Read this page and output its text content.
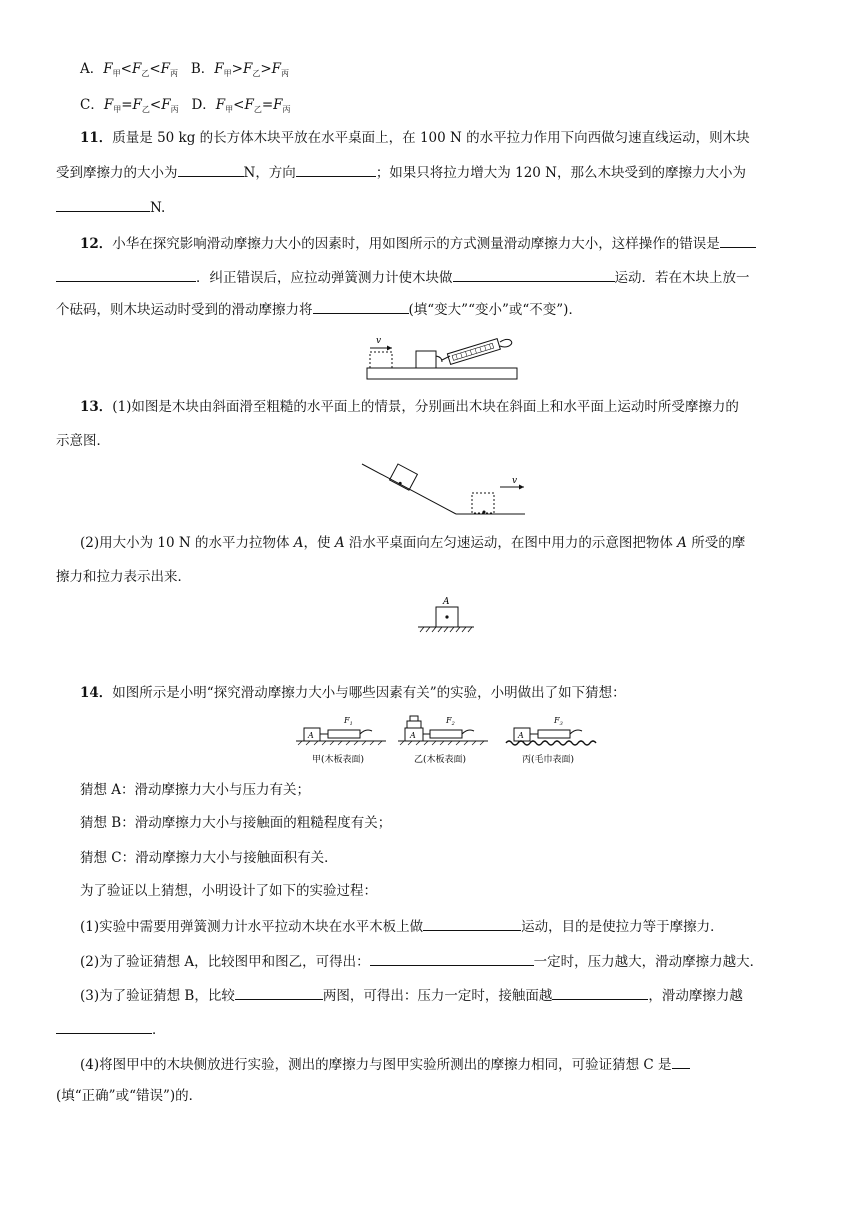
A．$F_甲<F_乙<F_丙$ B．$F_甲>F_乙>F_丙$
C．$F_甲=F_乙<F_丙$ D．$F_甲<F_乙=F_丙$
11．质量是 50 kg 的长方体木块平放在水平桌面上，在 100 N 的水平拉力作用下向西做匀速直线运动，则木块
受到摩擦力的大小为	N，方向	；如果只将拉力增大为 120 N，那么木块受到的摩擦力大小为
N.
12．小华在探究影响滑动摩擦力大小的因素时，用如图所示的方式测量滑动摩擦力大小，这样操作的错误是
．纠正错误后，应拉动弹簧测力计使木块做	运动．若在木块上放一
个砝码，则木块运动时受到的滑动摩擦力将	(填“变大”“变小”或“不变”)．
v
13．(1)如图是木块由斜面滑至粗糙的水平面上的情景，分别画出木块在斜面上和水平面上运动时所受摩擦力的
示意图．
v
(2)用大小为 10 N 的水平力拉物体 A，使 A 沿水平桌面向左匀速运动，在图中用力的示意图把物体 A 所受的摩
擦力和拉力表示出来．
A
14．如图所示是小明“探究滑动摩擦力大小与哪些因素有关”的实验，小明做出了如下猜想：
A
$F_1$
甲(木板表面)
A
$F_2$
乙(木板表面)
A
$F_3$
丙(毛巾表面)
猜想 A：滑动摩擦力大小与压力有关；
猜想 B：滑动摩擦力大小与接触面的粗糙程度有关；
猜想 C：滑动摩擦力大小与接触面积有关．
为了验证以上猜想，小明设计了如下的实验过程：
(1)实验中需要用弹簧测力计水平拉动木块在水平木板上做	运动，目的是使拉力等于摩擦力．
(2)为了验证猜想 A，比较图甲和图乙，可得出：	一定时，压力越大，滑动摩擦力越大．
(3)为了验证猜想 B，比较	两图，可得出：压力一定时，接触面越	，滑动摩擦力越
．
(4)将图甲中的木块侧放进行实验，测出的摩擦力与图甲实验所测出的摩擦力相同，可验证猜想 C 是
(填“正确”或“错误”)的．
